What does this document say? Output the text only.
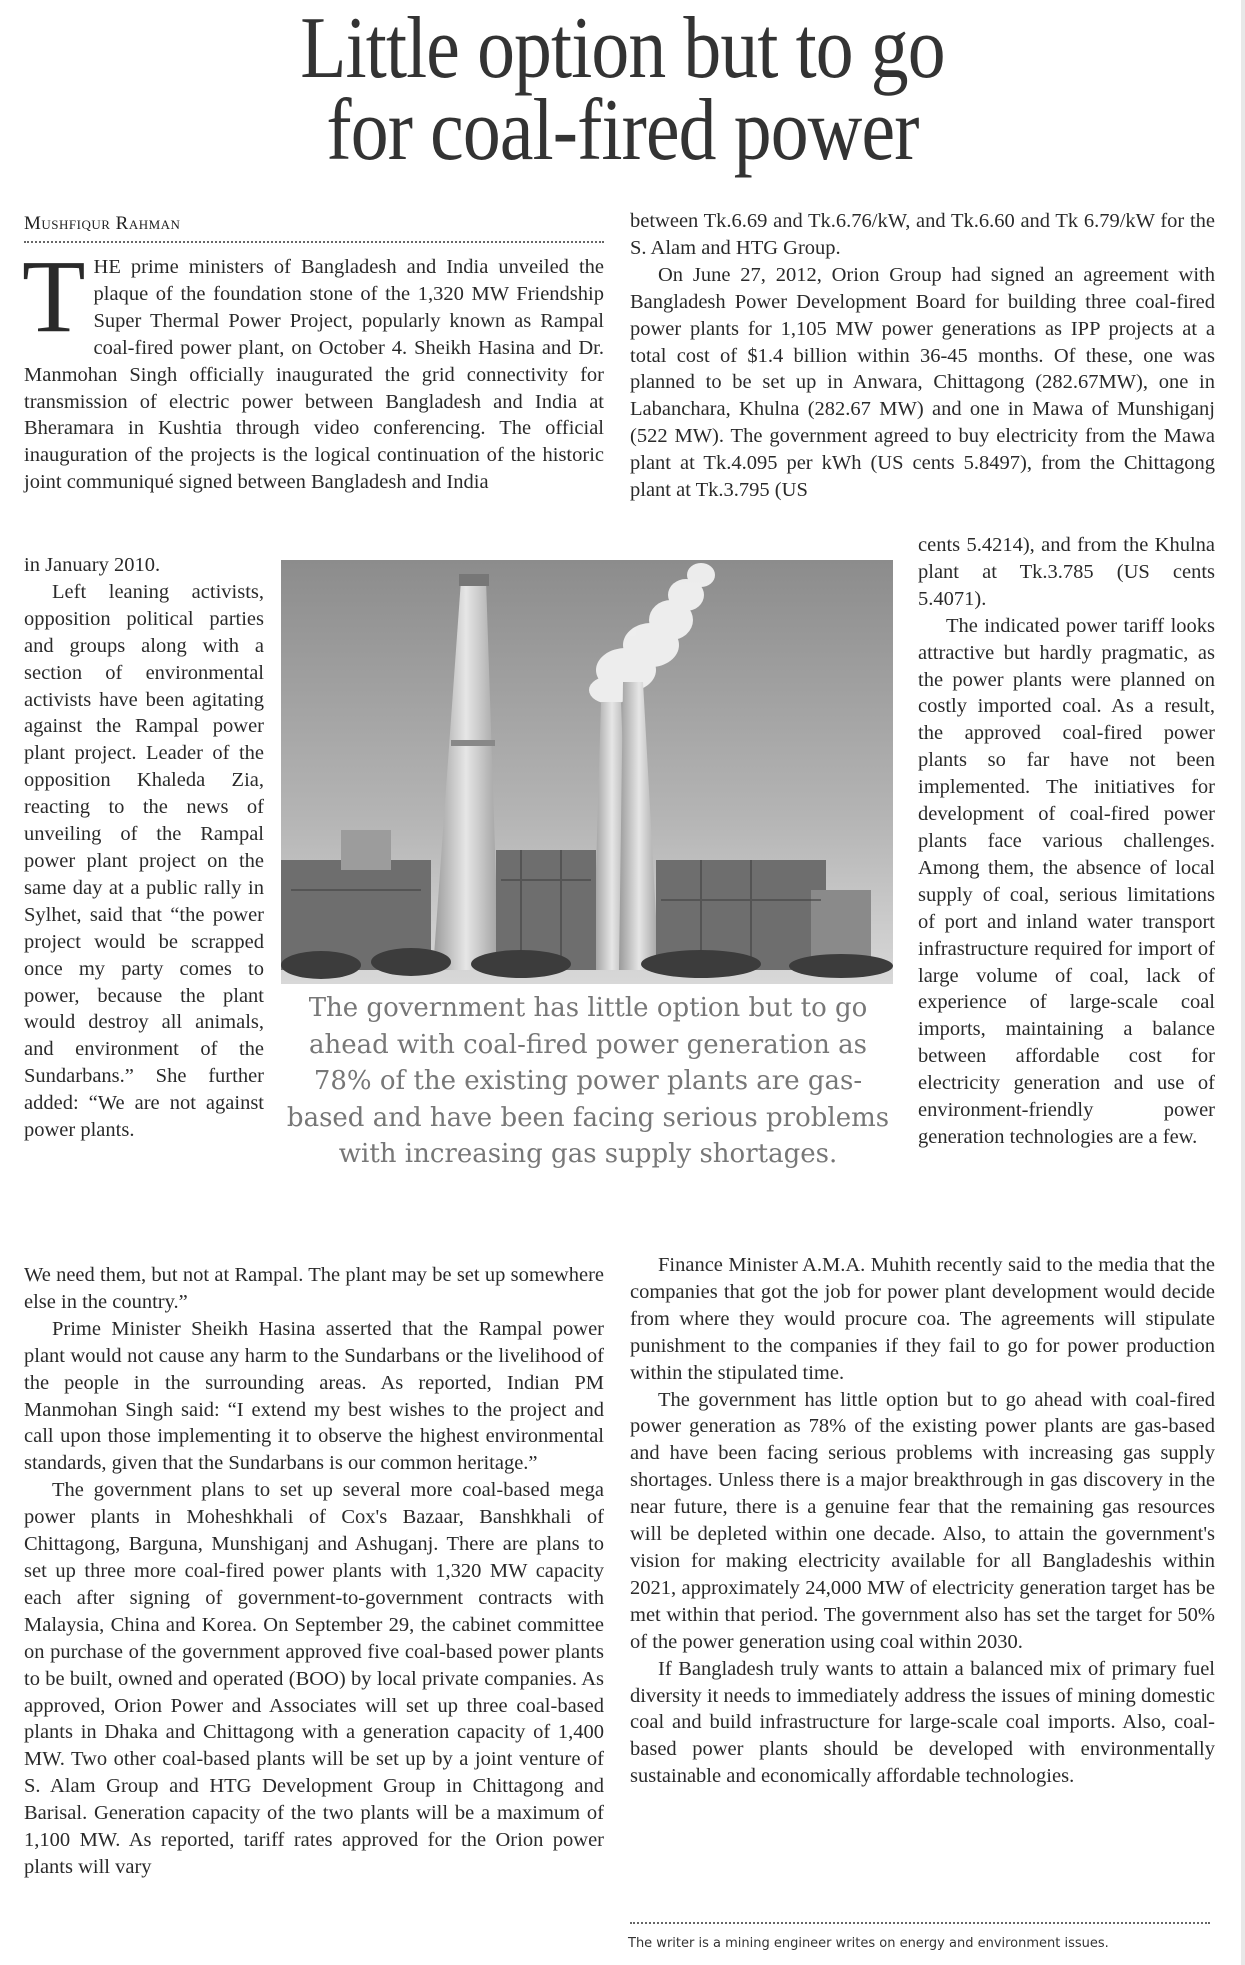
Little option but to go
for coal-fired power
Mushfiqur Rahman

THE prime ministers of Bangladesh and India unveiled the plaque of the foundation stone of the 1,320 MW Friendship Super Thermal Power Project, popularly known as Rampal coal-fired power plant, on October 4. Sheikh Hasina and Dr. Manmohan Singh officially inaugurated the grid connectivity for transmission of electric power between Bangladesh and India at Bheramara in Kushtia through video conferencing. The official inauguration of the projects is the logical continuation of the historic joint communiqué signed between Bangladesh and India

in January 2010.

Left leaning activists, opposition political parties and groups along with a section of environmental activists have been agitating against the Rampal power plant project. Leader of the opposition Khaleda Zia, reacting to the news of unveiling of the Rampal power plant project on the same day at a public rally in Sylhet, said that “the power project would be scrapped once my party comes to power, because the plant would destroy all animals, and environment of the Sundarbans.” She further added: “We are not against power plants.

We need them, but not at Rampal. The plant may be set up somewhere else in the country.”

Prime Minister Sheikh Hasina asserted that the Rampal power plant would not cause any harm to the Sundarbans or the livelihood of the people in the surrounding areas. As reported, Indian PM Manmohan Singh said: “I extend my best wishes to the project and call upon those implementing it to observe the highest environmental standards, given that the Sundarbans is our common heritage.”

The government plans to set up several more coal-based mega power plants in Moheshkhali of Cox's Bazaar, Banshkhali of Chittagong, Barguna, Munshiganj and Ashuganj. There are plans to set up three more coal-fired power plants with 1,320 MW capacity each after signing of government-to-government contracts with Malaysia, China and Korea. On September 29, the cabinet committee on purchase of the government approved five coal-based power plants to be built, owned and operated (BOO) by local private companies. As approved, Orion Power and Associates will set up three coal-based plants in Dhaka and Chittagong with a generation capacity of 1,400 MW. Two other coal-based plants will be set up by a joint venture of S. Alam Group and HTG Development Group in Chittagong and Barisal. Generation capacity of the two plants will be a maximum of 1,100 MW. As reported, tariff rates approved for the Orion power plants will vary

between Tk.6.69 and Tk.6.76/kW, and Tk.6.60 and Tk 6.79/kW for the S. Alam and HTG Group.

On June 27, 2012, Orion Group had signed an agreement with Bangladesh Power Development Board for building three coal-fired power plants for 1,105 MW power generations as IPP projects at a total cost of $1.4 billion within 36-45 months. Of these, one was planned to be set up in Anwara, Chittagong (282.67MW), one in Labanchara, Khulna (282.67 MW) and one in Mawa of Munshiganj (522 MW). The government agreed to buy electricity from the Mawa plant at Tk.4.095 per kWh (US cents 5.8497), from the Chittagong plant at Tk.3.795 (US

cents 5.4214), and from the Khulna plant at Tk.3.785 (US cents 5.4071).

The indicated power tariff looks attractive but hardly pragmatic, as the power plants were planned on costly imported coal. As a result, the approved coal-fired power plants so far have not been implemented. The initiatives for development of coal-fired power plants face various challenges. Among them, the absence of local supply of coal, serious limitations of port and inland water transport infrastructure required for import of large volume of coal, lack of experience of large-scale coal imports, maintaining a balance between affordable cost for electricity generation and use of environment-friendly power generation technologies are a few.

Finance Minister A.M.A. Muhith recently said to the media that the companies that got the job for power plant development would decide from where they would procure coa. The agreements will stipulate punishment to the companies if they fail to go for power production within the stipulated time.

The government has little option but to go ahead with coal-fired power generation as 78% of the existing power plants are gas-based and have been facing serious problems with increasing gas supply shortages. Unless there is a major breakthrough in gas discovery in the near future, there is a genuine fear that the remaining gas resources will be depleted within one decade. Also, to attain the government's vision for making electricity available for all Bangladeshis within 2021, approximately 24,000 MW of electricity generation target has be met within that period. The government also has set the target for 50% of the power generation using coal within 2030.

If Bangladesh truly wants to attain a balanced mix of primary fuel diversity it needs to immediately address the issues of mining domestic coal and build infrastructure for large-scale coal imports. Also, coal-based power plants should be developed with environmentally sustainable and economically affordable technologies.

The government has little option but to go ahead with coal-fired power generation as 78% of the existing power plants are gas-based and have been facing serious problems with increasing gas supply shortages.
The writer is a mining engineer writes on energy and environment issues.
